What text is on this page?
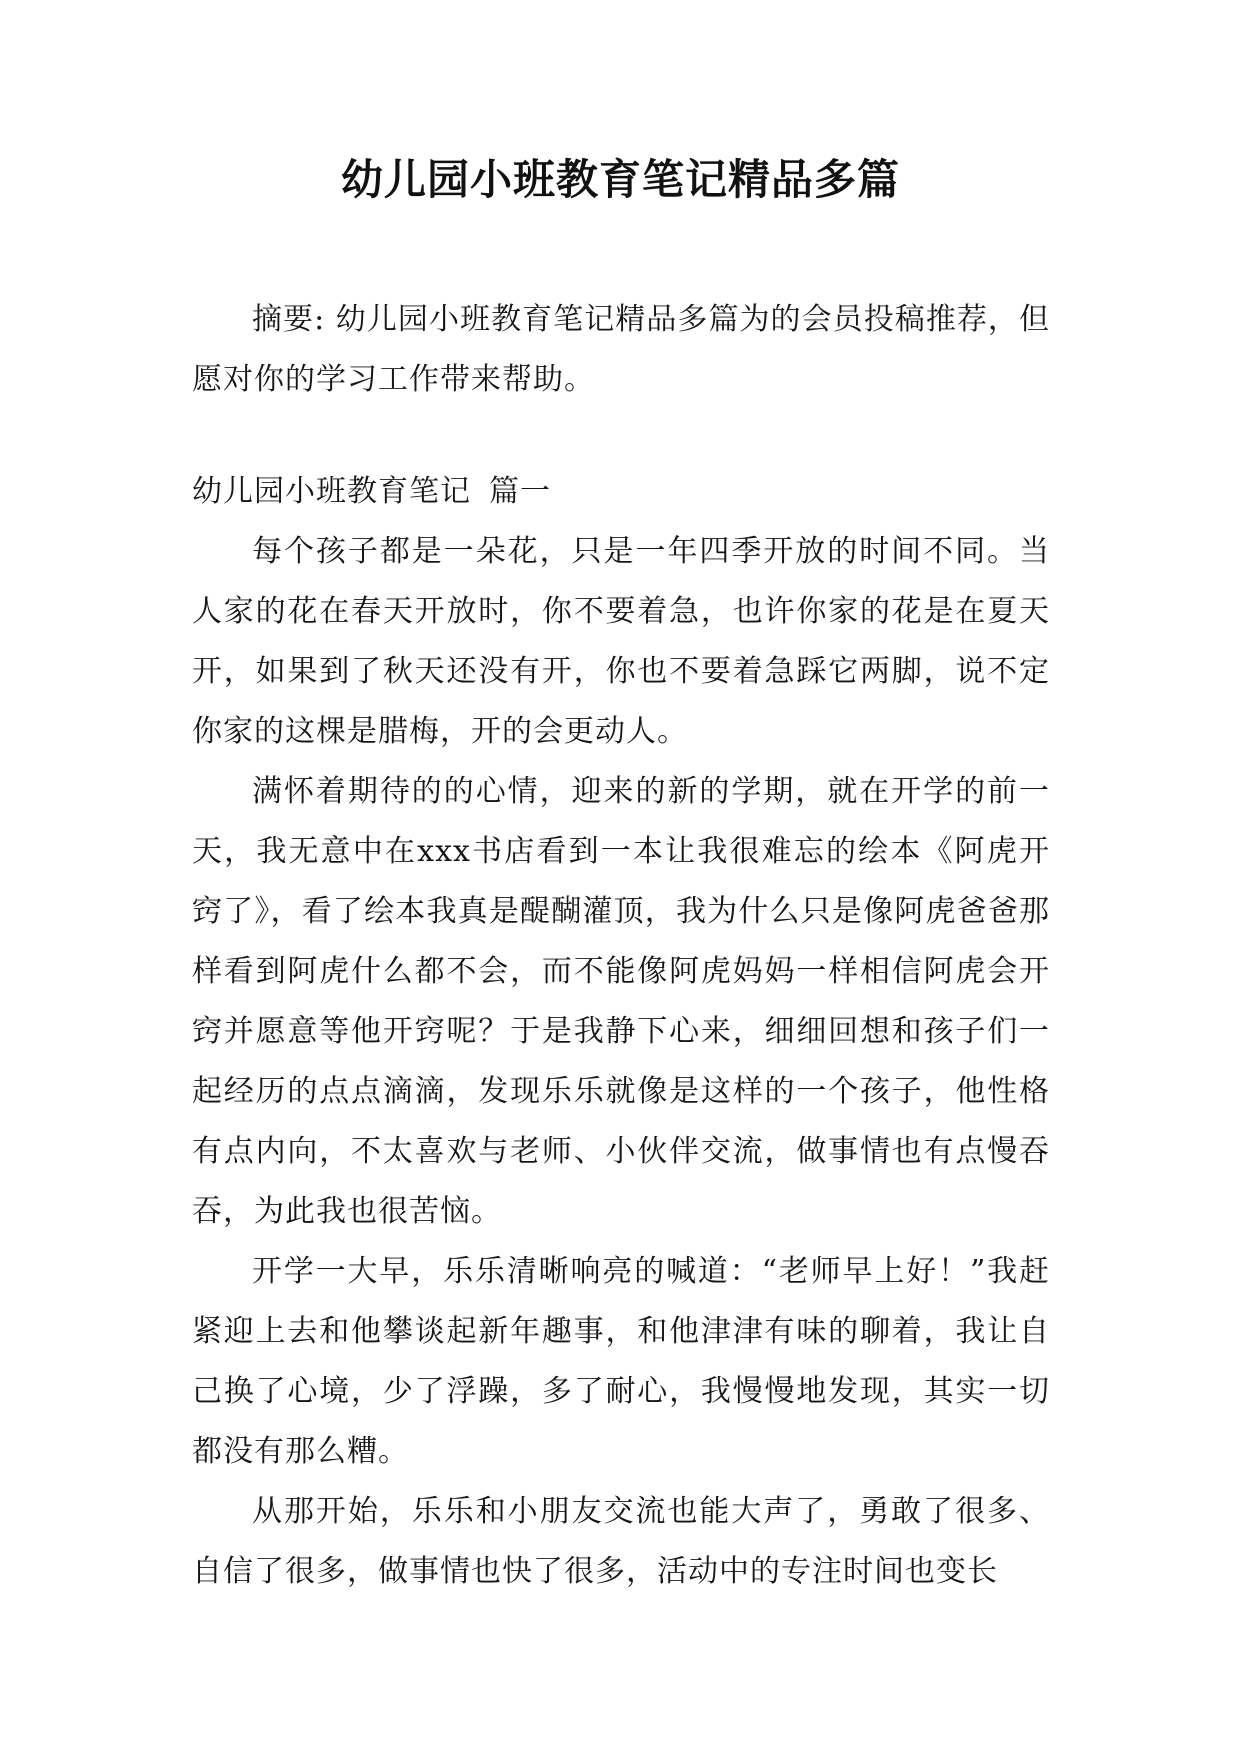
幼儿园小班教育笔记精品多篇

摘要: 幼儿园小班教育笔记精品多篇为的会员投稿推荐，但愿对你的学习工作带来帮助。

幼儿园小班教育笔记 篇一

每个孩子都是一朵花，只是一年四季开放的时间不同。当人家的花在春天开放时，你不要着急，也许你家的花是在夏天开，如果到了秋天还没有开，你也不要着急踩它两脚，说不定你家的这棵是腊梅，开的会更动人。

满怀着期待的的心情，迎来的新的学期，就在开学的前一天，我无意中在xxx书店看到一本让我很难忘的绘本《阿虎开窍了》，看了绘本我真是醍醐灌顶，我为什么只是像阿虎爸爸那样看到阿虎什么都不会，而不能像阿虎妈妈一样相信阿虎会开窍并愿意等他开窍呢？于是我静下心来，细细回想和孩子们一起经历的点点滴滴，发现乐乐就像是这样的一个孩子，他性格有点内向，不太喜欢与老师、小伙伴交流，做事情也有点慢吞吞，为此我也很苦恼。

开学一大早，乐乐清晰响亮的喊道：“老师早上好！”我赶紧迎上去和他攀谈起新年趣事，和他津津有味的聊着，我让自己换了心境，少了浮躁，多了耐心，我慢慢地发现，其实一切都没有那么糟。

从那开始，乐乐和小朋友交流也能大声了，勇敢了很多、自信了很多，做事情也快了很多，活动中的专注时间也变长
